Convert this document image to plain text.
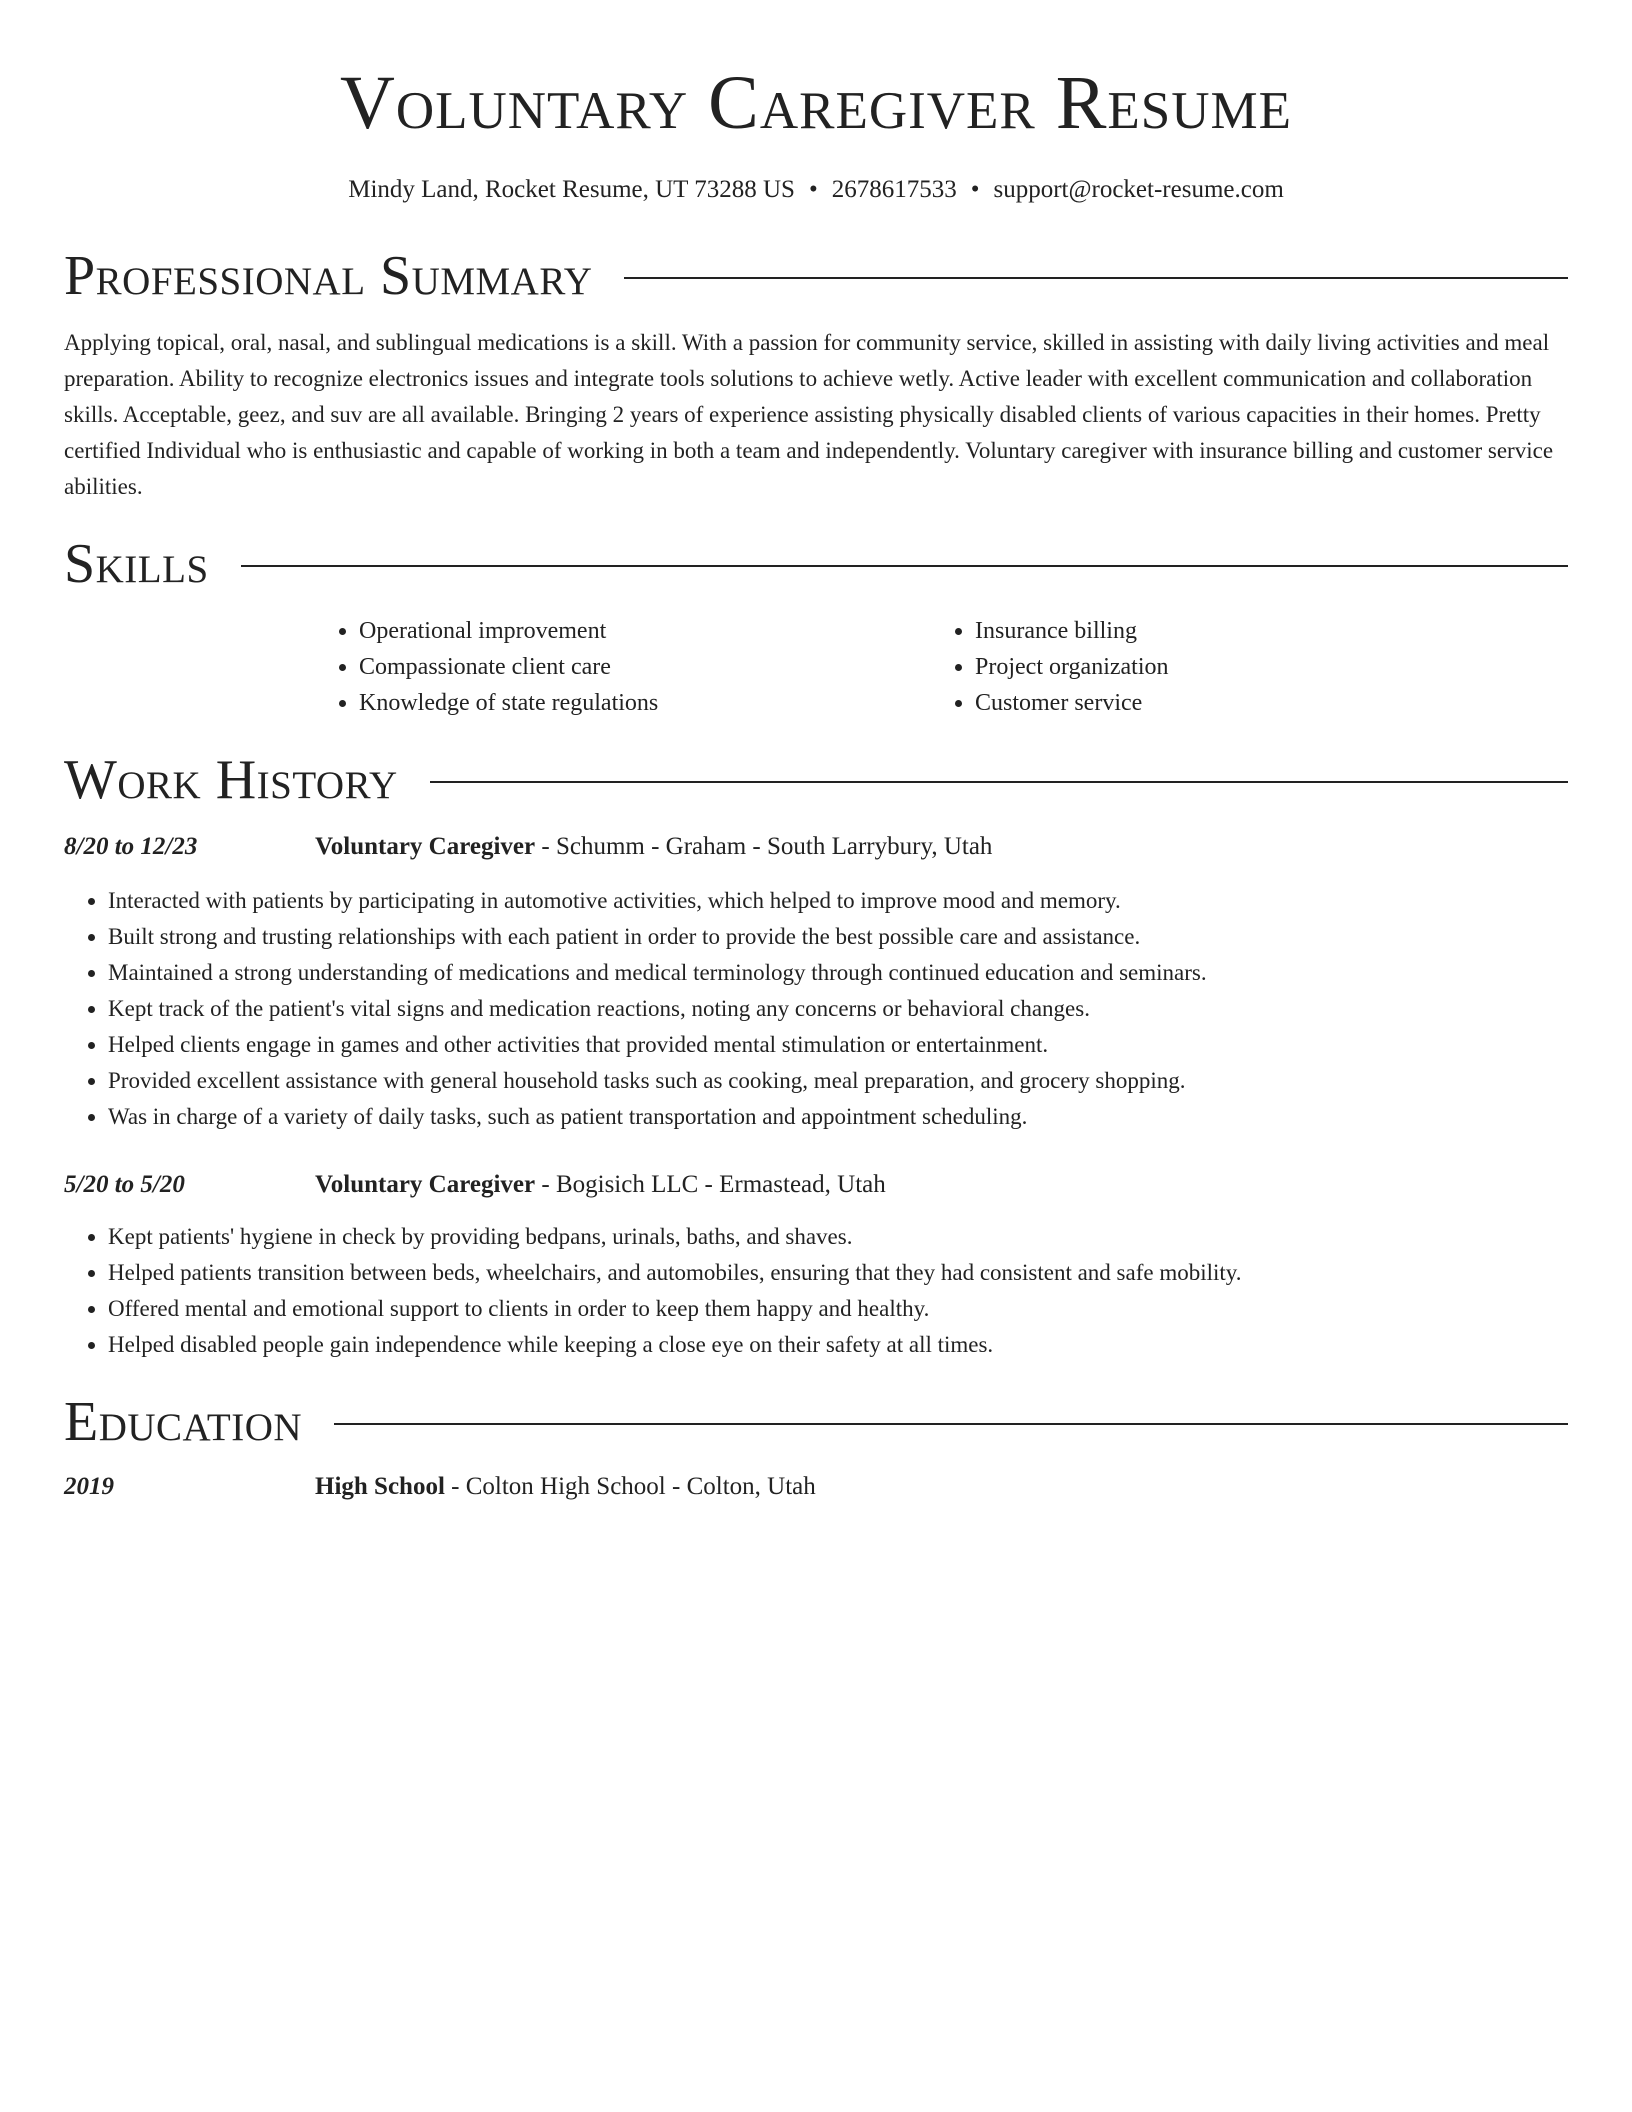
Voluntary Caregiver Resume
Mindy Land, Rocket Resume, UT 73288 US • 2678617533 • support@rocket-resume.com
Professional Summary

Applying topical, oral, nasal, and sublingual medications is a skill. With a passion for community service, skilled in assisting with daily living activities and meal preparation. Ability to recognize electronics issues and integrate tools solutions to achieve wetly. Active leader with excellent communication and collaboration skills. Acceptable, geez, and suv are all available. Bringing 2 years of experience assisting physically disabled clients of various capacities in their homes. Pretty certified Individual who is enthusiastic and capable of working in both a team and independently. Voluntary caregiver with insurance billing and customer service abilities.

Skills
• Operational improvement
• Compassionate client care
• Knowledge of state regulations
• Insurance billing
• Project organization
• Customer service
Work History
8/20 to 12/23	Voluntary Caregiver - Schumm - Graham - South Larrybury, Utah
• Interacted with patients by participating in automotive activities, which helped to improve mood and memory.
• Built strong and trusting relationships with each patient in order to provide the best possible care and assistance.
• Maintained a strong understanding of medications and medical terminology through continued education and seminars.
• Kept track of the patient's vital signs and medication reactions, noting any concerns or behavioral changes.
• Helped clients engage in games and other activities that provided mental stimulation or entertainment.
• Provided excellent assistance with general household tasks such as cooking, meal preparation, and grocery shopping.
• Was in charge of a variety of daily tasks, such as patient transportation and appointment scheduling.
5/20 to 5/20	Voluntary Caregiver - Bogisich LLC - Ermastead, Utah
• Kept patients' hygiene in check by providing bedpans, urinals, baths, and shaves.
• Helped patients transition between beds, wheelchairs, and automobiles, ensuring that they had consistent and safe mobility.
• Offered mental and emotional support to clients in order to keep them happy and healthy.
• Helped disabled people gain independence while keeping a close eye on their safety at all times.
Education
2019	High School - Colton High School - Colton, Utah
